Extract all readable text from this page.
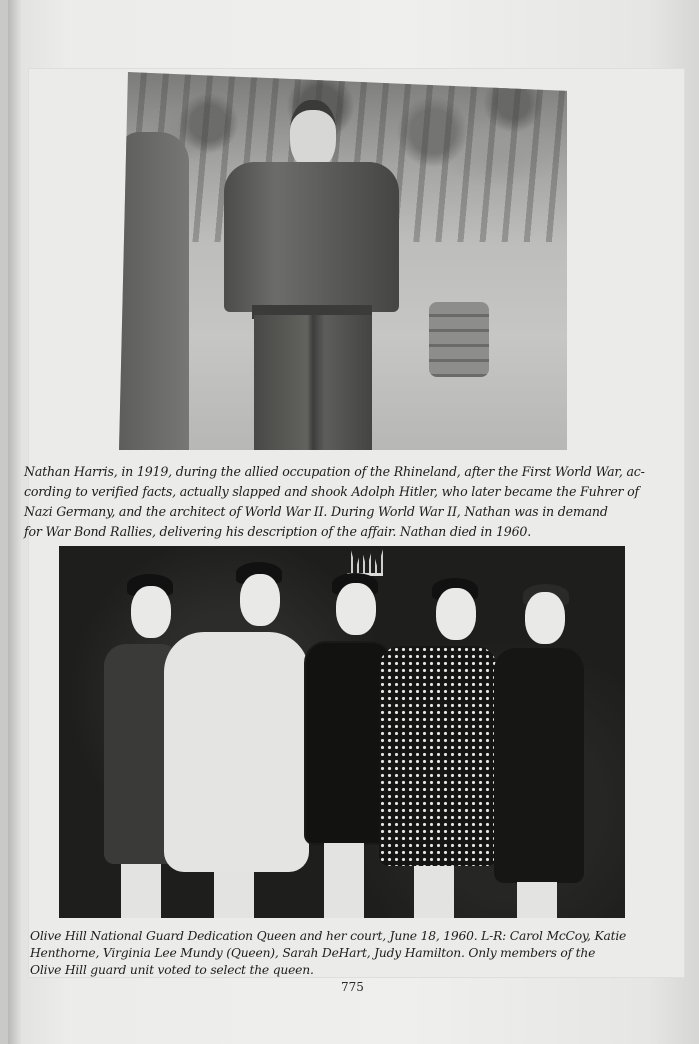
Nathan Harris, in 1919, during the allied occupation of the Rhineland, after the First World War, ac-

cording to verified facts, actually slapped and shook Adolph Hitler, who later became the Fuhrer of

Nazi Germany, and the architect of World War II. During World War II, Nathan was in demand

for War Bond Rallies, delivering his description of the affair. Nathan died in 1960.

Olive Hill National Guard Dedication Queen and her court, June 18, 1960. L-R: Carol McCoy, Katie

Henthorne, Virginia Lee Mundy (Queen), Sarah DeHart, Judy Hamilton. Only members of the

Olive Hill guard unit voted to select the queen.

775
